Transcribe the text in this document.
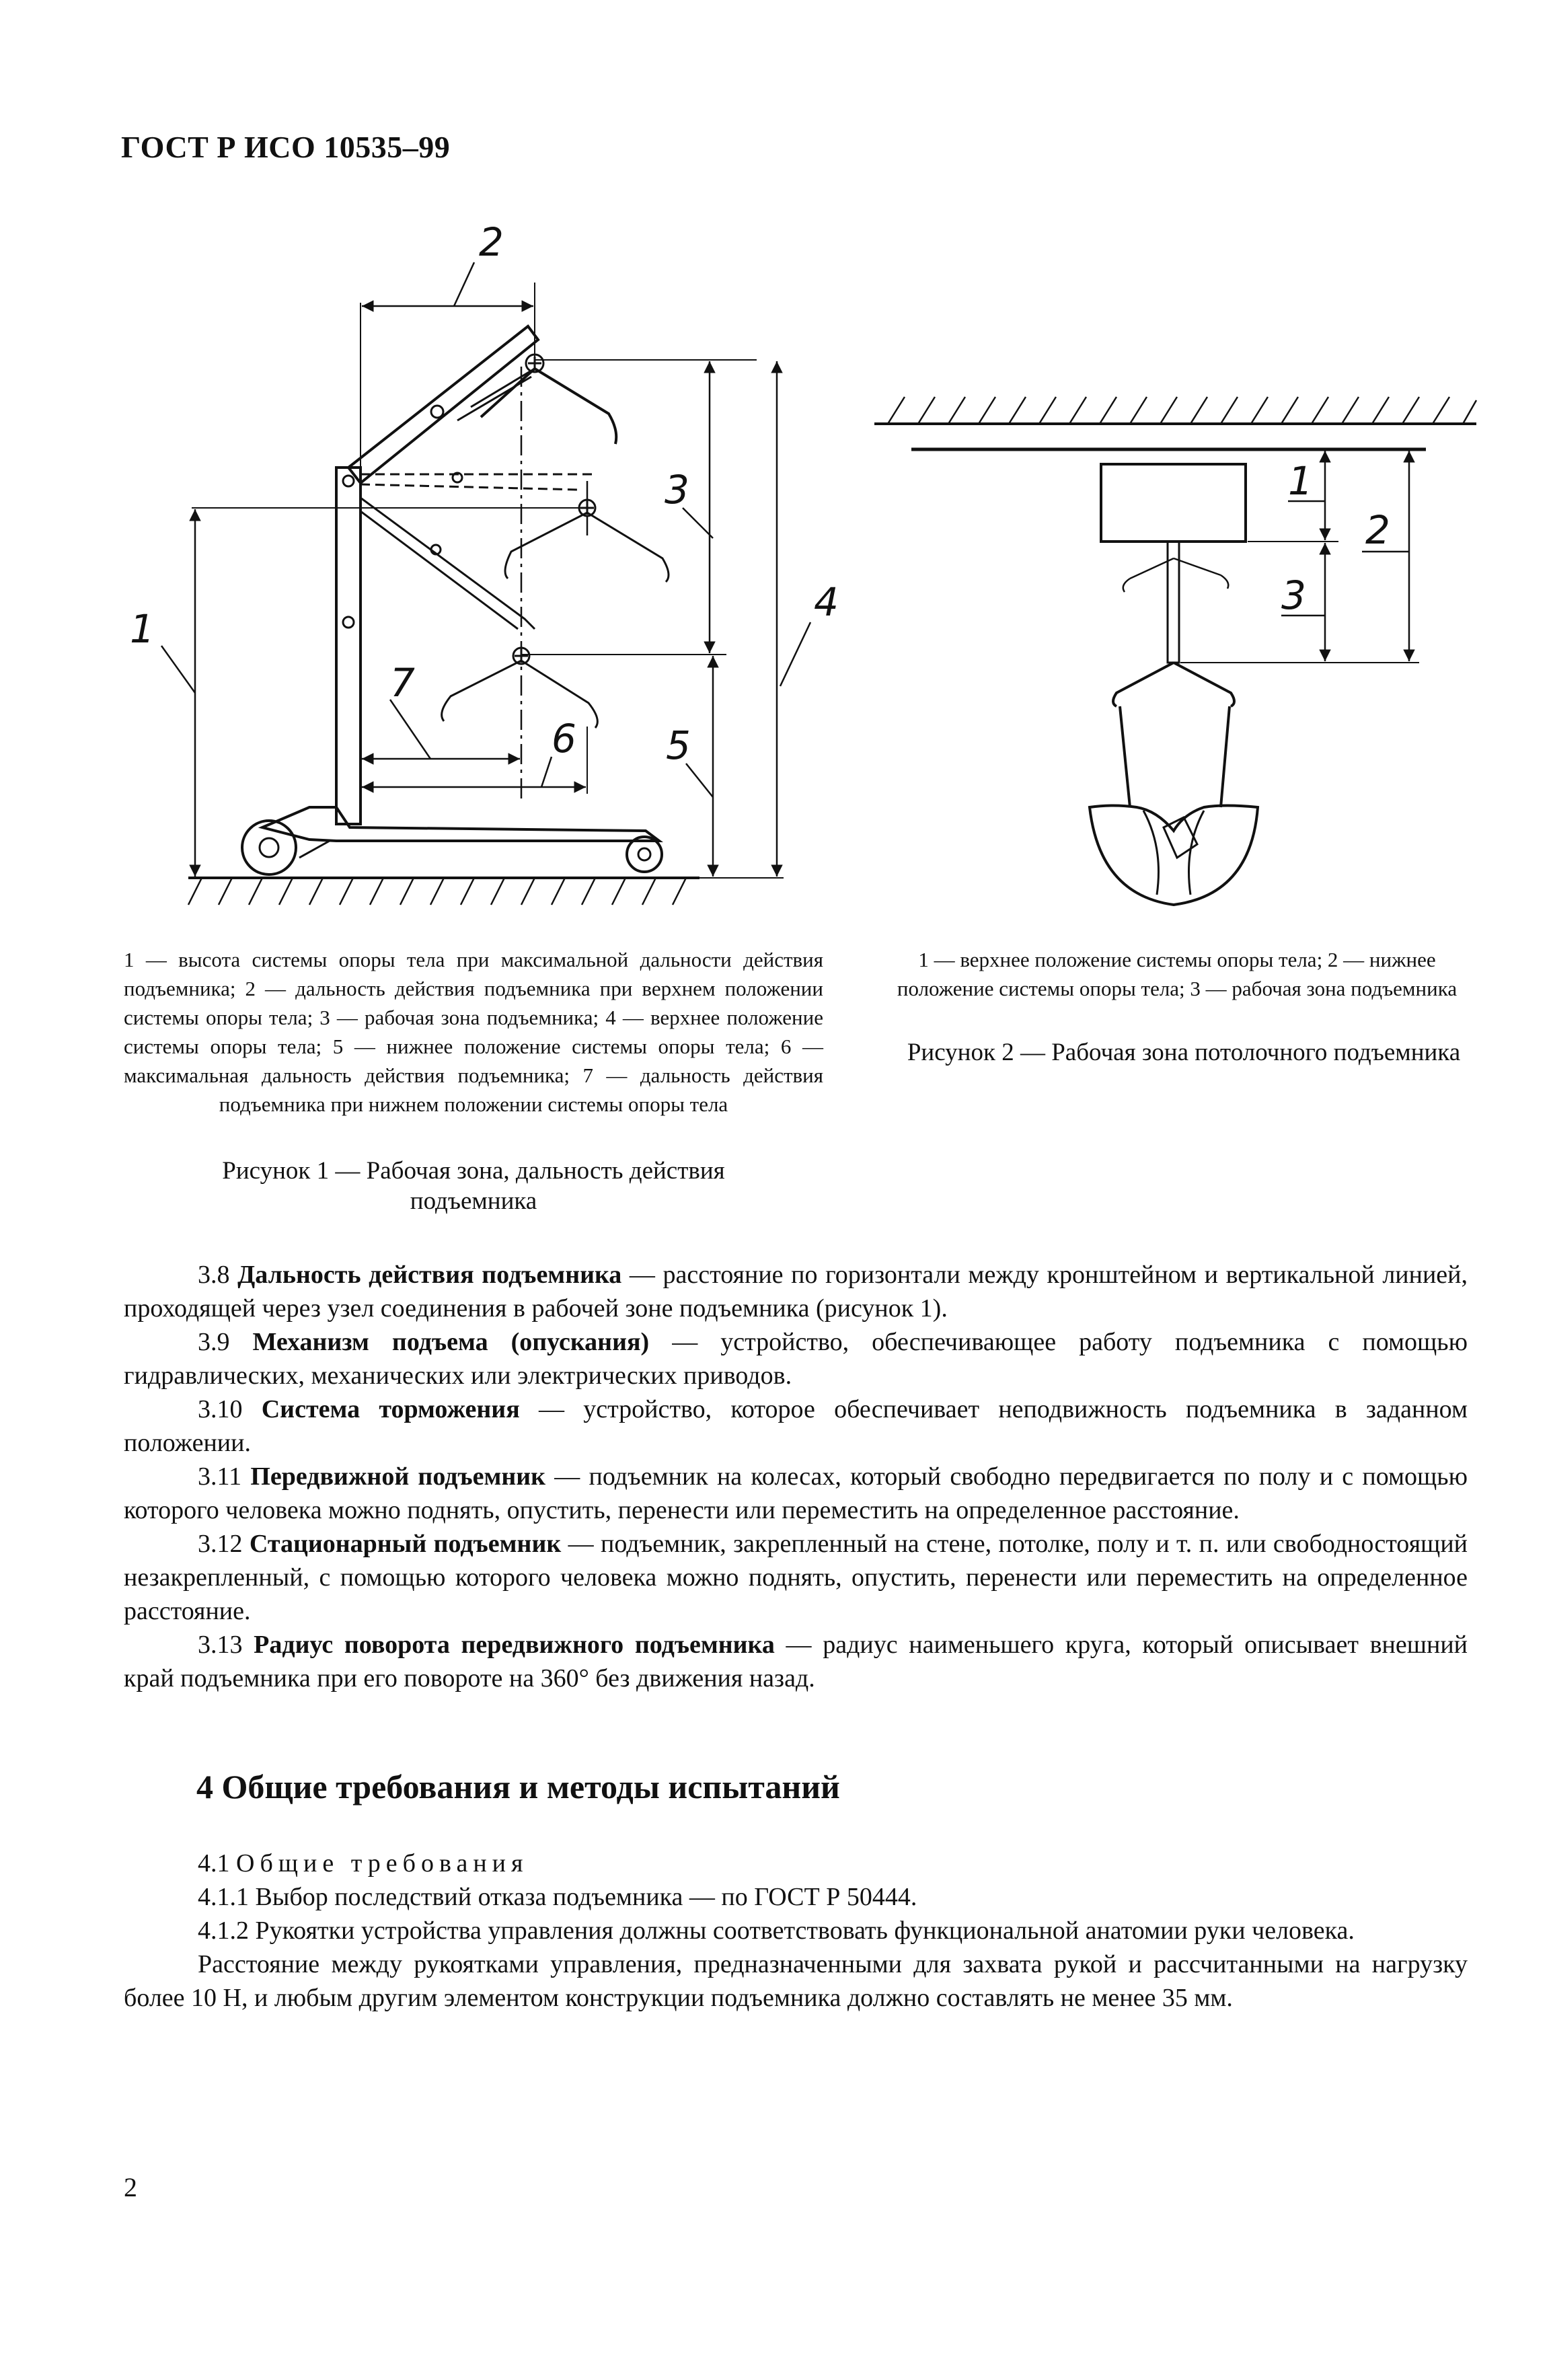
ГОСТ Р ИСО 10535–99
1
2
3
4
5
6
7
1
2
3
1 — высота системы опоры тела при максимальной дальности действия подъемника; 2 — дальность действия подъемника при верхнем положении системы опоры тела; 3 — рабочая зона подъемника; 4 — верхнее положение системы опоры тела; 5 — нижнее положение системы опоры тела; 6 — максимальная дальность действия подъемника; 7 — дальность действия подъемника при нижнем положении системы опоры тела
Рисунок 1 — Рабочая зона, дальность действия подъемника
1 — верхнее положение системы опоры тела; 2 — нижнее положение системы опоры тела; 3 — рабочая зона подъемника
Рисунок 2 — Рабочая зона потолочного подъемника

3.8 Дальность действия подъемника — расстояние по горизонтали между кронштейном и вертикальной линией, проходящей через узел соединения в рабочей зоне подъемника (рисунок 1).

3.9 Механизм подъема (опускания) — устройство, обеспечивающее работу подъемника с помощью гидравлических, механических или электрических приводов.

3.10 Система торможения — устройство, которое обеспечивает неподвижность подъемника в заданном положении.

3.11 Передвижной подъемник — подъемник на колесах, который свободно передвигается по полу и с помощью которого человека можно поднять, опустить, перенести или переместить на определенное расстояние.

3.12 Стационарный подъемник — подъемник, закрепленный на стене, потолке, полу и т. п. или свободностоящий незакрепленный, с помощью которого человека можно поднять, опустить, перенести или переместить на определенное расстояние.

3.13 Радиус поворота передвижного подъемника — радиус наименьшего круга, который описывает внешний край подъемника при его повороте на 360° без движения назад.

4 Общие требования и методы испытаний

4.1 Общие требования

4.1.1 Выбор последствий отказа подъемника — по ГОСТ Р 50444.

4.1.2 Рукоятки устройства управления должны соответствовать функциональной анатомии руки человека.

Расстояние между рукоятками управления, предназначенными для захвата рукой и рассчитанными на нагрузку более 10 Н, и любым другим элементом конструкции подъемника должно составлять не менее 35 мм.

2
